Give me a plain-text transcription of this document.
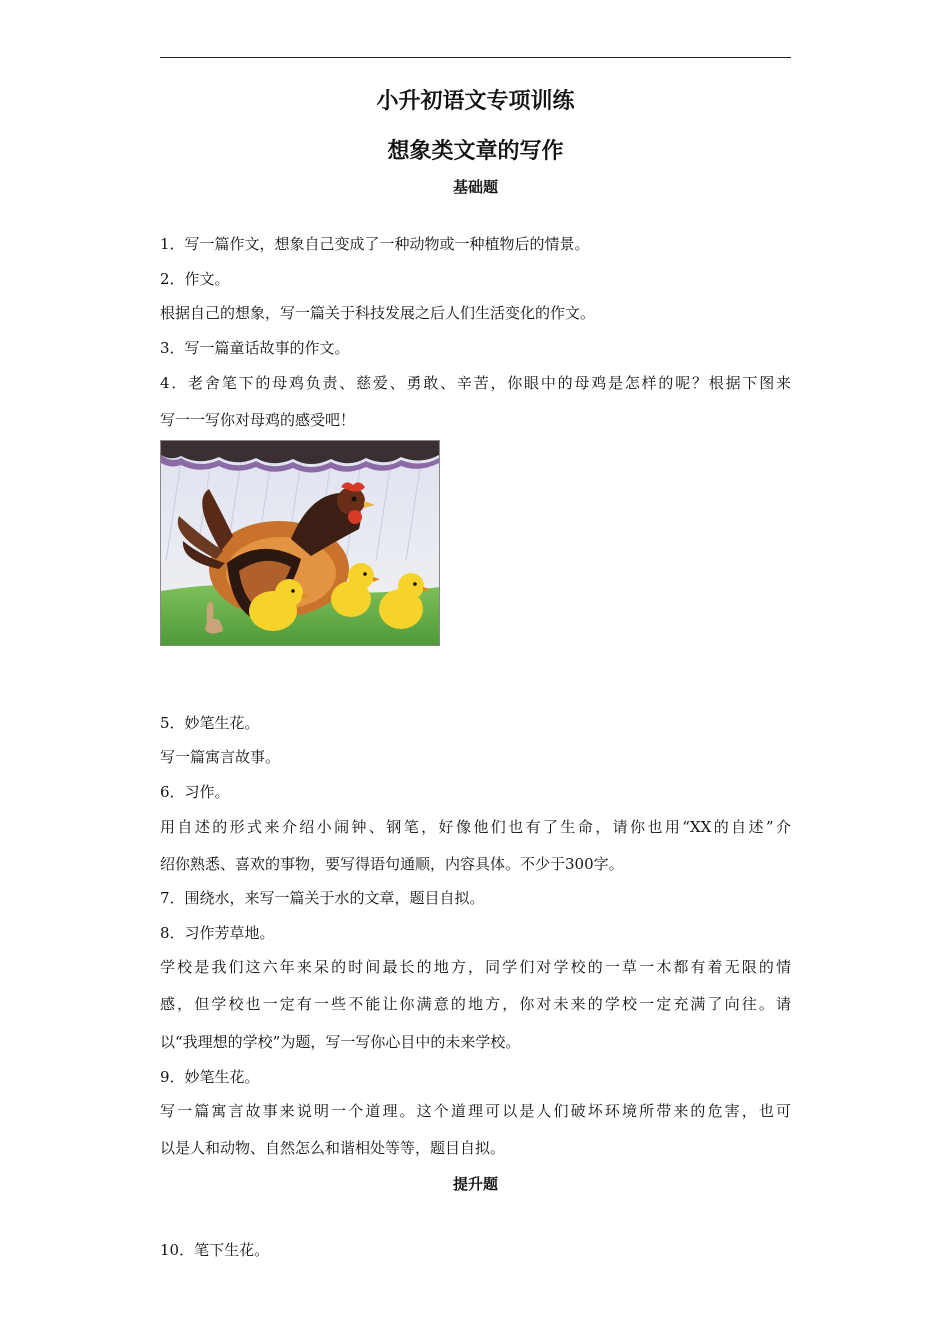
小升初语文专项训练
想象类文章的写作
基础题
1．写一篇作文，想象自己变成了一种动物或一种植物后的情景。
2．作文。
根据自己的想象，写一篇关于科技发展之后人们生活变化的作文。
3．写一篇童话故事的作文。
4．老舍笔下的母鸡负责、慈爱、勇敢、辛苦，你眼中的母鸡是怎样的呢？根据下图来
写一一写你对母鸡的感受吧！
5．妙笔生花。
写一篇寓言故事。
6．习作。
用自述的形式来介绍小闹钟、钢笔，好像他们也有了生命，请你也用“XX的自述”介
绍你熟悉、喜欢的事物，要写得语句通顺，内容具体。不少于300字。
7．围绕水，来写一篇关于水的文章，题目自拟。
8．习作芳草地。
学校是我们这六年来呆的时间最长的地方，同学们对学校的一草一木都有着无限的情
感，但学校也一定有一些不能让你满意的地方，你对未来的学校一定充满了向往。请
以“我理想的学校”为题，写一写你心目中的未来学校。
9．妙笔生花。
写一篇寓言故事来说明一个道理。这个道理可以是人们破坏环境所带来的危害，也可
以是人和动物、自然怎么和谐相处等等，题目自拟。
提升题
10．笔下生花。
